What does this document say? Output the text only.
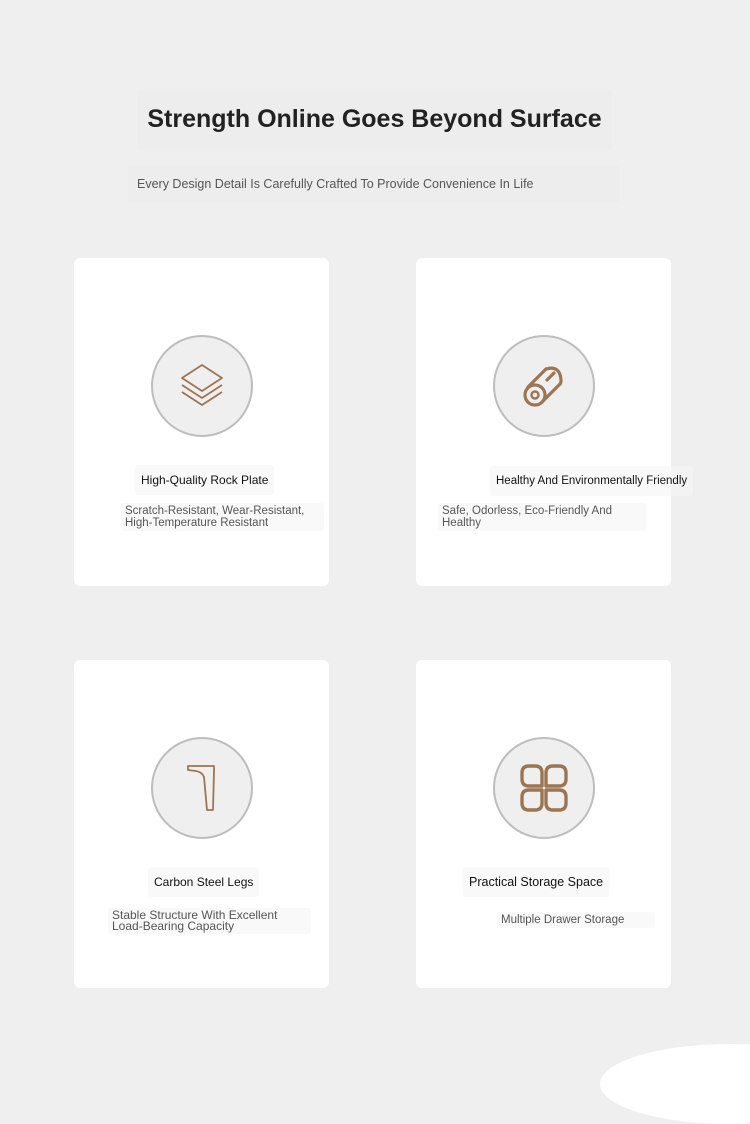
Strength Online Goes Beyond Surface
Every Design Detail Is Carefully Crafted To Provide Convenience In Life
High-Quality Rock Plate
Scratch-Resistant, Wear-Resistant, High-Temperature Resistant
Healthy And Environmentally Friendly
Safe, Odorless, Eco-Friendly And Healthy
Carbon Steel Legs
Stable Structure With Excellent Load-Bearing Capacity
Practical Storage Space
Multiple Drawer Storage
